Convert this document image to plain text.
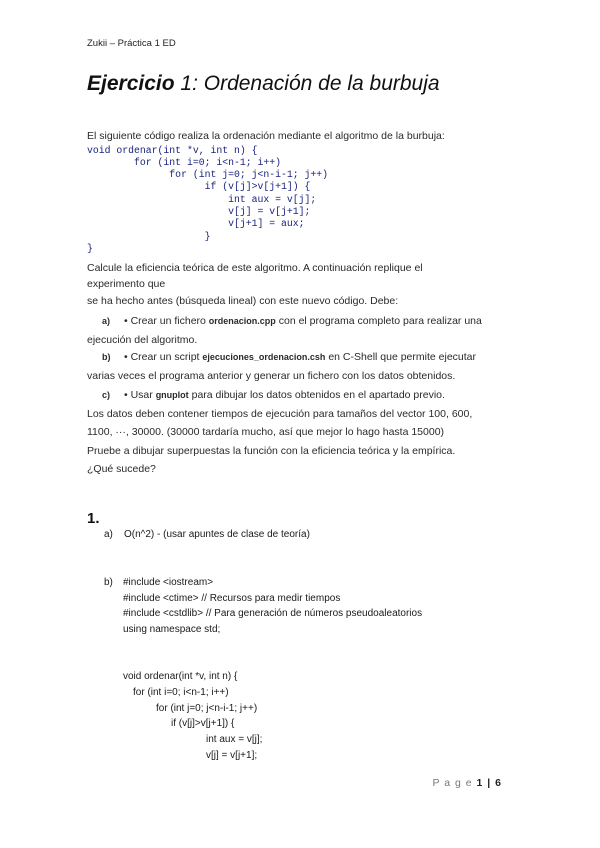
Zukii – Práctica 1 ED
Ejercicio 1: Ordenación de la burbuja
El siguiente código realiza la ordenación mediante el algoritmo de la burbuja:
void ordenar(int *v, int n) {
for (int i=0; i<n-1; i++)
for (int j=0; j<n-i-1; j++)
if (v[j]>v[j+1]) {
int aux = v[j];
v[j] = v[j+1];
v[j+1] = aux;
}
}
Calcule la eficiencia teórica de este algoritmo. A continuación replique el
experimento que
se ha hecho antes (búsqueda lineal) con este nuevo código. Debe:
a) • Crear un fichero ordenacion.cpp con el programa completo para realizar una
ejecución del algoritmo.
b) • Crear un script ejecuciones_ordenacion.csh en C-Shell que permite ejecutar
varias veces el programa anterior y generar un fichero con los datos obtenidos.
c) • Usar gnuplot para dibujar los datos obtenidos en el apartado previo.
Los datos deben contener tiempos de ejecución para tamaños del vector 100, 600,
1100, ···, 30000. (30000 tardaría mucho, así que mejor lo hago hasta 15000)
Pruebe a dibujar superpuestas la función con la eficiencia teórica y la empírica.
¿Qué sucede?
1.
a) O(n^2) - (usar apuntes de clase de teoría)
b) #include <iostream>
#include <ctime> // Recursos para medir tiempos
#include <cstdlib> // Para generación de números pseudoaleatorios
using namespace std;
void ordenar(int *v, int n) {
for (int i=0; i<n-1; i++)
for (int j=0; j<n-i-1; j++)
if (v[j]>v[j+1]) {
int aux = v[j];
v[j] = v[j+1];
P a g e 1 | 6
